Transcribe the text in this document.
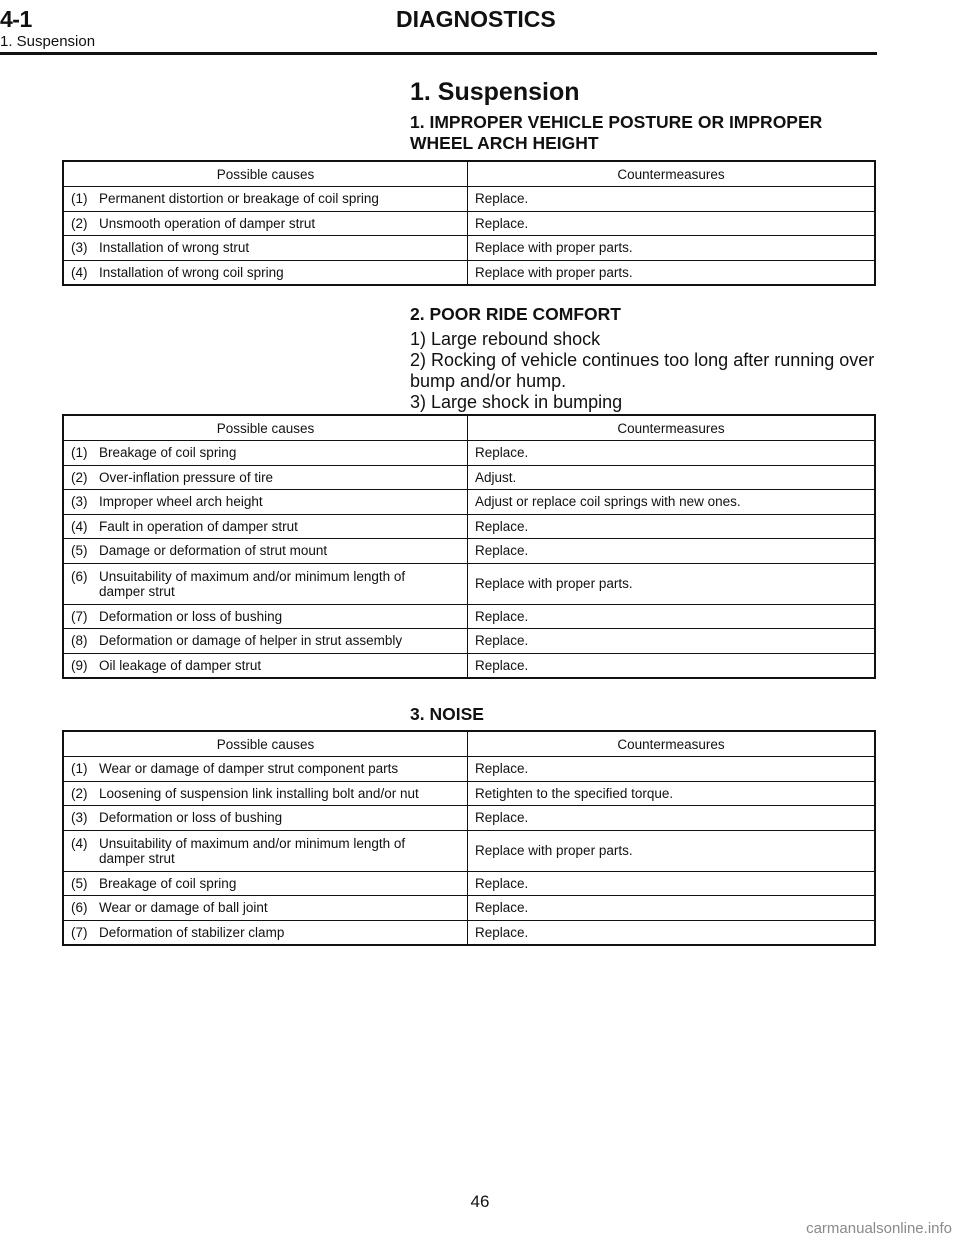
4-1	DIAGNOSTICS
1. Suspension
1. Suspension
1. IMPROPER VEHICLE POSTURE OR IMPROPER WHEEL ARCH HEIGHT
Possible causes	Countermeasures
(1) Permanent distortion or breakage of coil spring	Replace.
(2) Unsmooth operation of damper strut	Replace.
(3) Installation of wrong strut	Replace with proper parts.
(4) Installation of wrong coil spring	Replace with proper parts.
2. POOR RIDE COMFORT
1) Large rebound shock
2) Rocking of vehicle continues too long after running over bump and/or hump.
3) Large shock in bumping
Possible causes	Countermeasures
(1) Breakage of coil spring	Replace.
(2) Over-inflation pressure of tire	Adjust.
(3) Improper wheel arch height	Adjust or replace coil springs with new ones.
(4) Fault in operation of damper strut	Replace.
(5) Damage or deformation of strut mount	Replace.
(6) Unsuitability of maximum and/or minimum length of
damper strut	Replace with proper parts.
(7) Deformation or loss of bushing	Replace.
(8) Deformation or damage of helper in strut assembly	Replace.
(9) Oil leakage of damper strut	Replace.
3. NOISE
Possible causes	Countermeasures
(1) Wear or damage of damper strut component parts	Replace.
(2) Loosening of suspension link installing bolt and/or nut	Retighten to the specified torque.
(3) Deformation or loss of bushing	Replace.
(4) Unsuitability of maximum and/or minimum length of
damper strut	Replace with proper parts.
(5) Breakage of coil spring	Replace.
(6) Wear or damage of ball joint	Replace.
(7) Deformation of stabilizer clamp	Replace.
46
carmanualsonline.info
